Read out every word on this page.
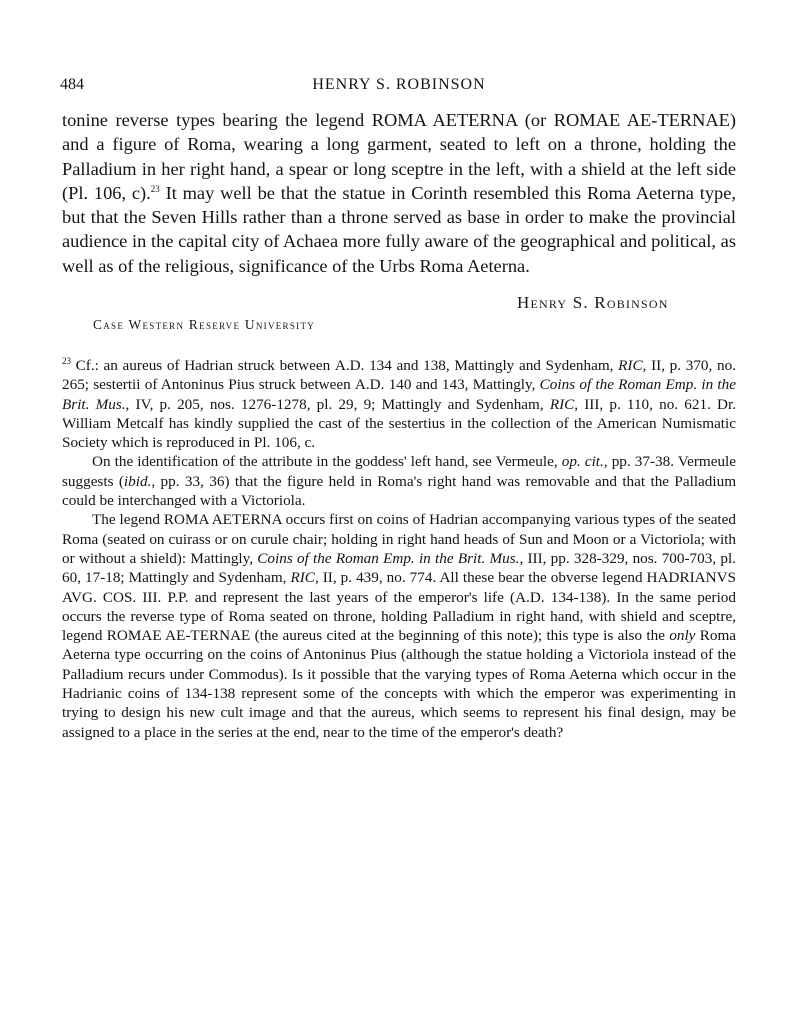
484	HENRY S. ROBINSON

tonine reverse types bearing the legend ROMA AETERNA (or ROMAE AE-TERNAE) and a figure of Roma, wearing a long garment, seated to left on a throne, holding the Palladium in her right hand, a spear or long sceptre in the left, with a shield at the left side (Pl. 106, c).$^{23}$ It may well be that the statue in Corinth resembled this Roma Aeterna type, but that the Seven Hills rather than a throne served as base in order to make the provincial audience in the capital city of Achaea more fully aware of the geographical and political, as well as of the religious, significance of the Urbs Roma Aeterna.

Henry S. Robinson
Case Western Reserve University

$^{23}$ Cf.: an aureus of Hadrian struck between A.D. 134 and 138, Mattingly and Sydenham, RIC, II, p. 370, no. 265; sestertii of Antoninus Pius struck between A.D. 140 and 143, Mattingly, Coins of the Roman Emp. in the Brit. Mus., IV, p. 205, nos. 1276-1278, pl. 29, 9; Mattingly and Sydenham, RIC, III, p. 110, no. 621. Dr. William Metcalf has kindly supplied the cast of the sestertius in the collection of the American Numismatic Society which is reproduced in Pl. 106, c.

On the identification of the attribute in the goddess' left hand, see Vermeule, op. cit., pp. 37-38. Vermeule suggests (ibid., pp. 33, 36) that the figure held in Roma's right hand was removable and that the Palladium could be interchanged with a Victoriola.

The legend ROMA AETERNA occurs first on coins of Hadrian accompanying various types of the seated Roma (seated on cuirass or on curule chair; holding in right hand heads of Sun and Moon or a Victoriola; with or without a shield): Mattingly, Coins of the Roman Emp. in the Brit. Mus., III, pp. 328-329, nos. 700-703, pl. 60, 17-18; Mattingly and Sydenham, RIC, II, p. 439, no. 774. All these bear the obverse legend HADRIANVS AVG. COS. III. P.P. and represent the last years of the emperor's life (A.D. 134-138). In the same period occurs the reverse type of Roma seated on throne, holding Palladium in right hand, with shield and sceptre, legend ROMAE AE-TERNAE (the aureus cited at the beginning of this note); this type is also the only Roma Aeterna type occurring on the coins of Antoninus Pius (although the statue holding a Victoriola instead of the Palladium recurs under Commodus). Is it possible that the varying types of Roma Aeterna which occur in the Hadrianic coins of 134-138 represent some of the concepts with which the emperor was experimenting in trying to design his new cult image and that the aureus, which seems to represent his final design, may be assigned to a place in the series at the end, near to the time of the emperor's death?
